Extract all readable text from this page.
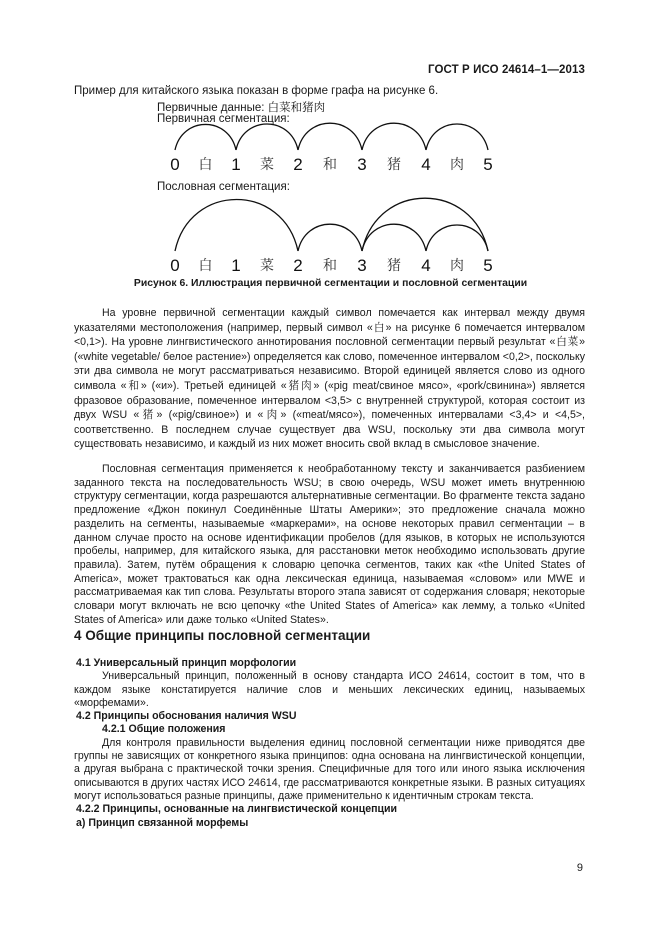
ГОСТ Р ИСО 24614–1—2013
Пример для китайского языка показан в форме графа на рисунке 6.
Первичные данные: 白菜和猪肉
Первичная сегментация:
Пословная сегментация:
0	1	2	3	4	5
白	菜	和	猪	肉
0	1	2	3	4	5
白	菜	和	猪	肉
Рисунок 6. Иллюстрация первичной сегментации и пословной сегментации

На уровне первичной сегментации каждый символ помечается как интервал между двумя указателями местоположения (например, первый символ «白» на рисунке 6 помечается интервалом <0,1>). На уровне лингвистического аннотирования пословной сегментации первый результат «白菜» («white vegetable/ белое растение») определяется как слово, помеченное интервалом <0,2>, поскольку эти два символа не могут рассматриваться независимо. Второй единицей является слово из одного символа «和» («и»). Третьей единицей «猪肉» («pig meat/свиное мясо», «pork/свинина») является фразовое образование, помеченное интервалом <3,5> с внутренней структурой, которая состоит из двух WSU «猪» («pig/свиное») и «肉» («meat/мясо»), помеченных интервалами <3,4> и <4,5>, соответственно. В последнем случае существует два WSU, поскольку эти два символа могут существовать независимо, и каждый из них может вносить свой вклад в смысловое значение.

Пословная сегментация применяется к необработанному тексту и заканчивается разбиением заданного текста на последовательность WSU; в свою очередь, WSU может иметь внутреннюю структуру сегментации, когда разрешаются альтернативные сегментации. Во фрагменте текста задано предложение «Джон покинул Соединённые Штаты Америки»; это предложение сначала можно разделить на сегменты, называемые «маркерами», на основе некоторых правил сегментации – в данном случае просто на основе идентификации пробелов (для языков, в которых не используются пробелы, например, для китайского языка, для расстановки меток необходимо использовать другие правила). Затем, путём обращения к словарю цепочка сегментов, таких как «the United States of America», может трактоваться как одна лексическая единица, называемая «словом» или MWE и рассматриваемая как тип слова. Результаты второго этапа зависят от содержания словаря; некоторые словари могут включать не всю цепочку «the United States of America» как лемму, а только «United States of America» или даже только «United States».

4 Общие принципы пословной сегментации

4.1 Универсальный принцип морфологии

Универсальный принцип, положенный в основу стандарта ИСО 24614, состоит в том, что в каждом языке констатируется наличие слов и меньших лексических единиц, называемых «морфемами».

4.2 Принципы обоснования наличия WSU

4.2.1 Общие положения

Для контроля правильности выделения единиц пословной сегментации ниже приводятся две группы не зависящих от конкретного языка принципов: одна основана на лингвистической концепции, а другая выбрана с практической точки зрения. Специфичные для того или иного языка исключения описываются в других частях ИСО 24614, где рассматриваются конкретные языки. В разных ситуациях могут использоваться разные принципы, даже применительно к идентичным строкам текста.

4.2.2 Принципы, основанные на лингвистической концепции

а) Принцип связанной морфемы

9
